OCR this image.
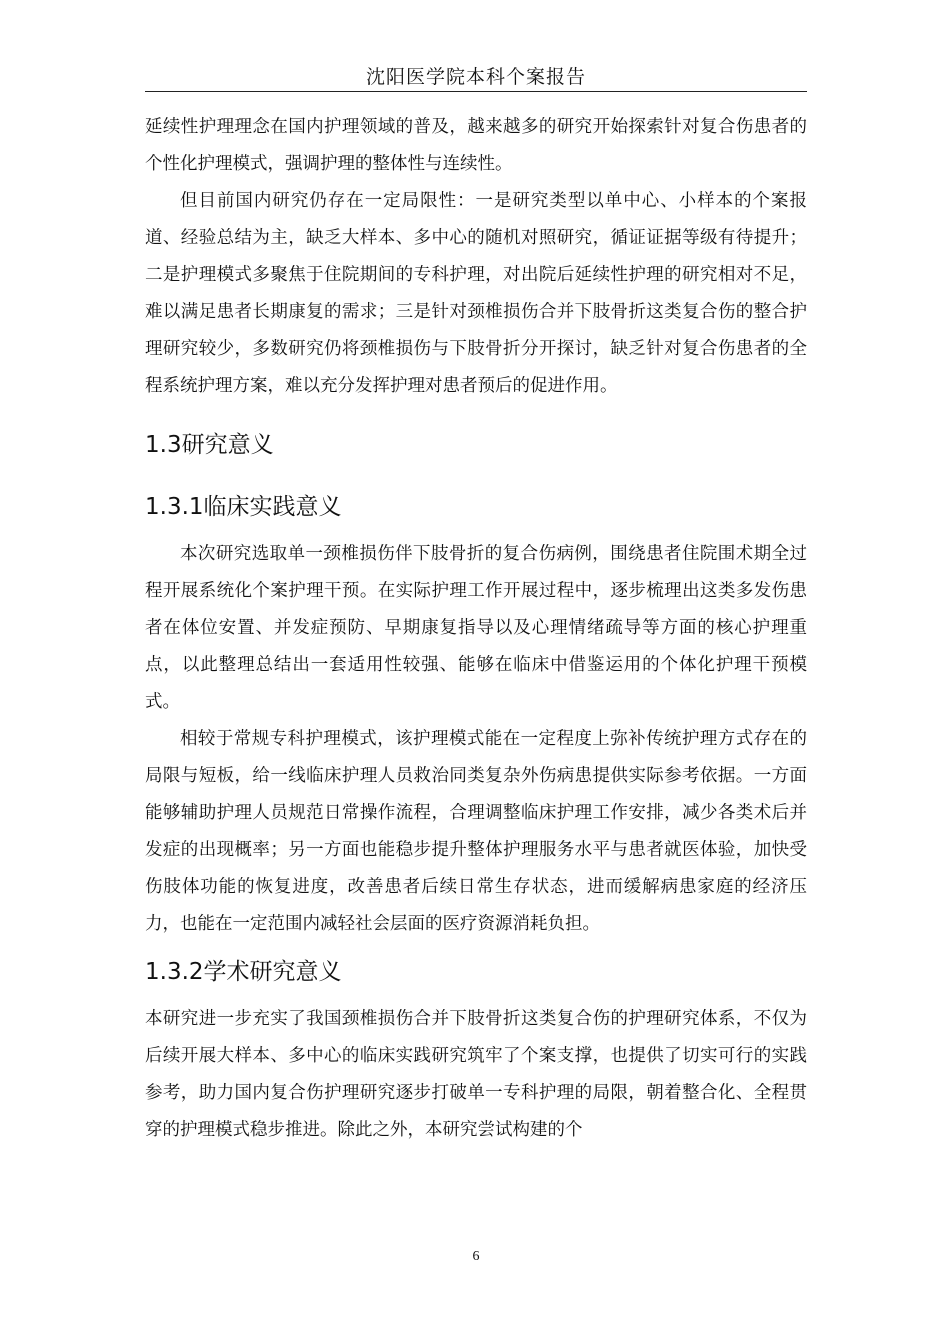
沈阳医学院本科个案报告

延续性护理理念在国内护理领域的普及，越来越多的研究开始探索针对复合伤患者的个性化护理模式，强调护理的整体性与连续性。

但目前国内研究仍存在一定局限性：一是研究类型以单中心、小样本的个案报道、经验总结为主，缺乏大样本、多中心的随机对照研究，循证证据等级有待提升；二是护理模式多聚焦于住院期间的专科护理，对出院后延续性护理的研究相对不足，难以满足患者长期康复的需求；三是针对颈椎损伤合并下肢骨折这类复合伤的整合护理研究较少，多数研究仍将颈椎损伤与下肢骨折分开探讨，缺乏针对复合伤患者的全程系统护理方案，难以充分发挥护理对患者预后的促进作用。

1.3研究意义
1.3.1临床实践意义

本次研究选取单一颈椎损伤伴下肢骨折的复合伤病例，围绕患者住院围术期全过程开展系统化个案护理干预。在实际护理工作开展过程中，逐步梳理出这类多发伤患者在体位安置、并发症预防、早期康复指导以及心理情绪疏导等方面的核心护理重点，以此整理总结出一套适用性较强、能够在临床中借鉴运用的个体化护理干预模式。

相较于常规专科护理模式，该护理模式能在一定程度上弥补传统护理方式存在的局限与短板，给一线临床护理人员救治同类复杂外伤病患提供实际参考依据。一方面能够辅助护理人员规范日常操作流程，合理调整临床护理工作安排，减少各类术后并发症的出现概率；另一方面也能稳步提升整体护理服务水平与患者就医体验，加快受伤肢体功能的恢复进度，改善患者后续日常生存状态，进而缓解病患家庭的经济压力，也能在一定范围内减轻社会层面的医疗资源消耗负担。

1.3.2学术研究意义

本研究进一步充实了我国颈椎损伤合并下肢骨折这类复合伤的护理研究体系，不仅为后续开展大样本、多中心的临床实践研究筑牢了个案支撑，也提供了切实可行的实践参考，助力国内复合伤护理研究逐步打破单一专科护理的局限，朝着整合化、全程贯穿的护理模式稳步推进。除此之外，本研究尝试构建的个

6
